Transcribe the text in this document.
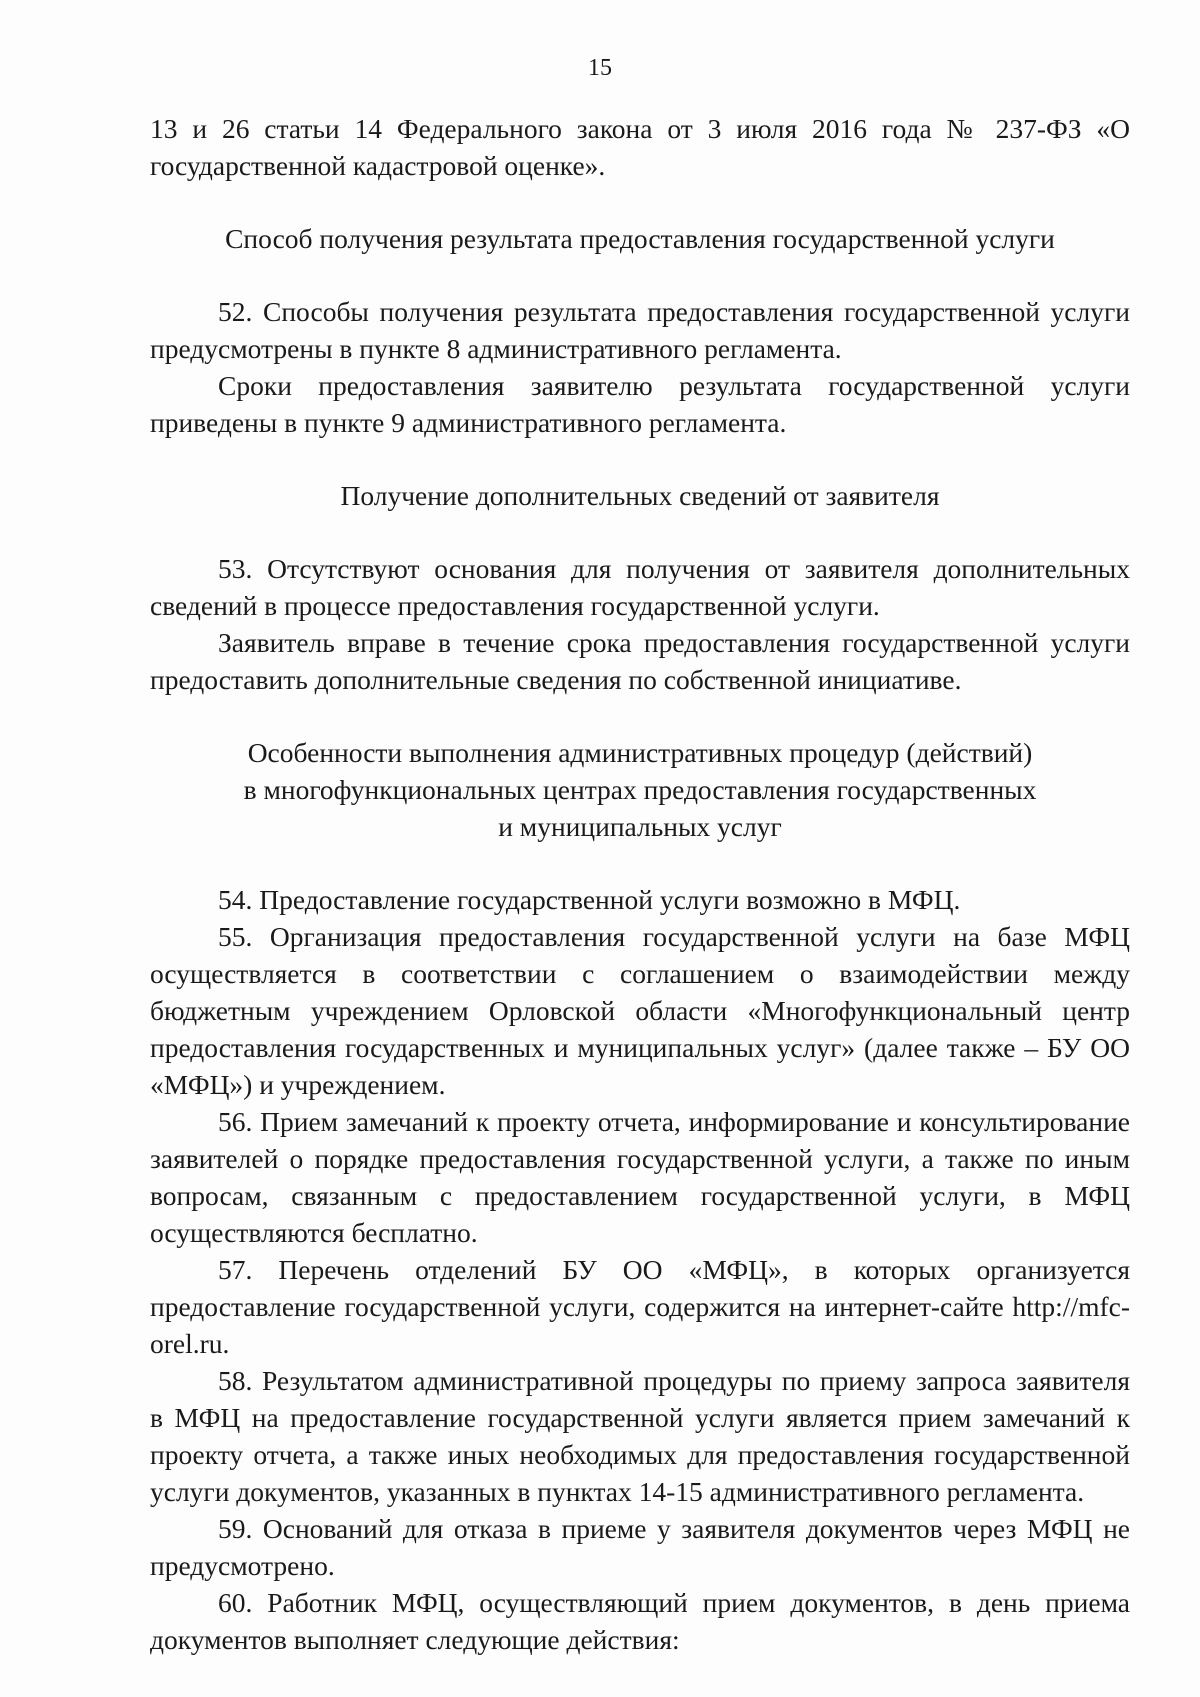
15

13 и 26 статьи 14 Федерального закона от 3 июля 2016 года № 237-ФЗ «О государственной кадастровой оценке».

Способ получения результата предоставления государственной услуги

52. Способы получения результата предоставления государственной услуги предусмотрены в пункте 8 административного регламента.

Сроки предоставления заявителю результата государственной услуги приведены в пункте 9 административного регламента.

Получение дополнительных сведений от заявителя

53. Отсутствуют основания для получения от заявителя дополнительных сведений в процессе предоставления государственной услуги.

Заявитель вправе в течение срока предоставления государственной услуги предоставить дополнительные сведения по собственной инициативе.

Особенности выполнения административных процедур (действий)
в многофункциональных центрах предоставления государственных
и муниципальных услуг

54. Предоставление государственной услуги возможно в МФЦ.

55. Организация предоставления государственной услуги на базе МФЦ осуществляется в соответствии с соглашением о взаимодействии между бюджетным учреждением Орловской области «Многофункциональный центр предоставления государственных и муниципальных услуг» (далее также – БУ ОО «МФЦ») и учреждением.

56. Прием замечаний к проекту отчета, информирование и консультирование заявителей о порядке предоставления государственной услуги, а также по иным вопросам, связанным с предоставлением государственной услуги, в МФЦ осуществляются бесплатно.

57. Перечень отделений БУ ОО «МФЦ», в которых организуется предоставление государственной услуги, содержится на интернет-сайте http://mfc-orel.ru.

58. Результатом административной процедуры по приему запроса заявителя в МФЦ на предоставление государственной услуги является прием замечаний к проекту отчета, а также иных необходимых для предоставления государственной услуги документов, указанных в пунктах 14-15 административного регламента.

59. Оснований для отказа в приеме у заявителя документов через МФЦ не предусмотрено.

60. Работник МФЦ, осуществляющий прием документов, в день приема документов выполняет следующие действия:
